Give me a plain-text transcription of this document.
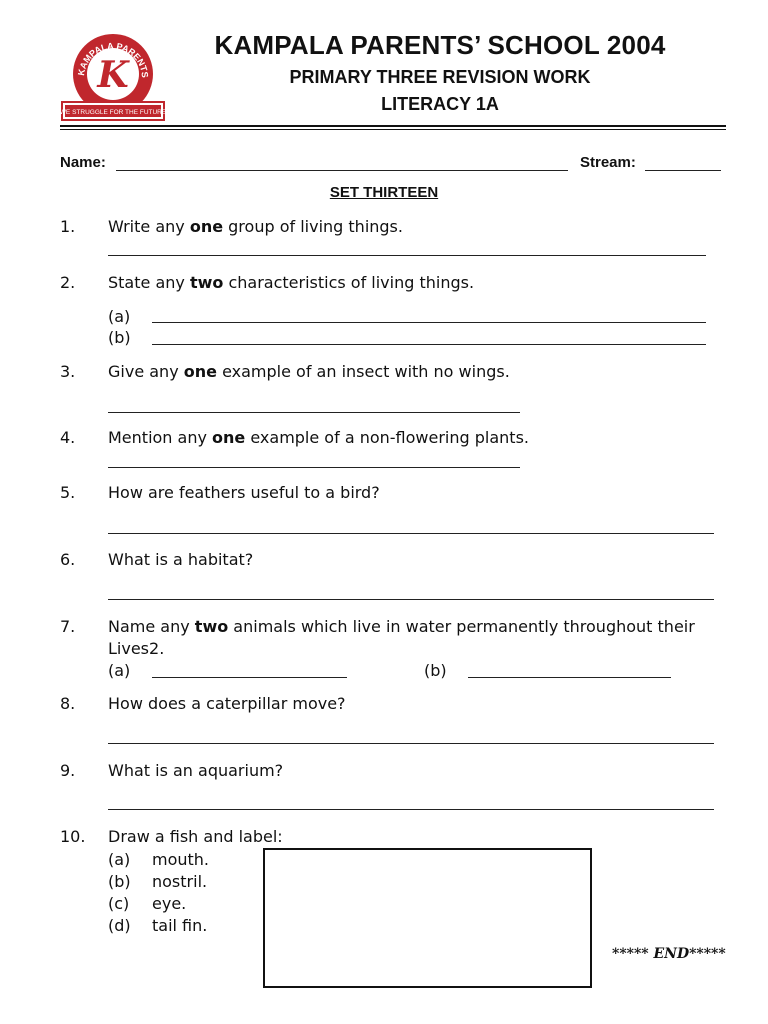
KAMPALA PARENTS
K
WE STRUGGLE FOR THE FUTURE
KAMPALA PARENTS’ SCHOOL 2004
PRIMARY THREE REVISION WORK
LITERACY 1A
Name:	Stream:
SET THIRTEEN
1. Write any one group of living things.
2. State any two characteristics of living things.
(a)
(b)
3. Give any one example of an insect with no wings.
4. Mention any one example of a non-flowering plants.
5. How are feathers useful to a bird?
6. What is a habitat?
7. Name any two animals which live in water permanently throughout their
Lives2.
(a)	(b)
8. How does a caterpillar move?
9. What is an aquarium?
10. Draw a fish and label:
(a) mouth.
(b) nostril.
(c) eye.
(d) tail fin.
***** END*****
